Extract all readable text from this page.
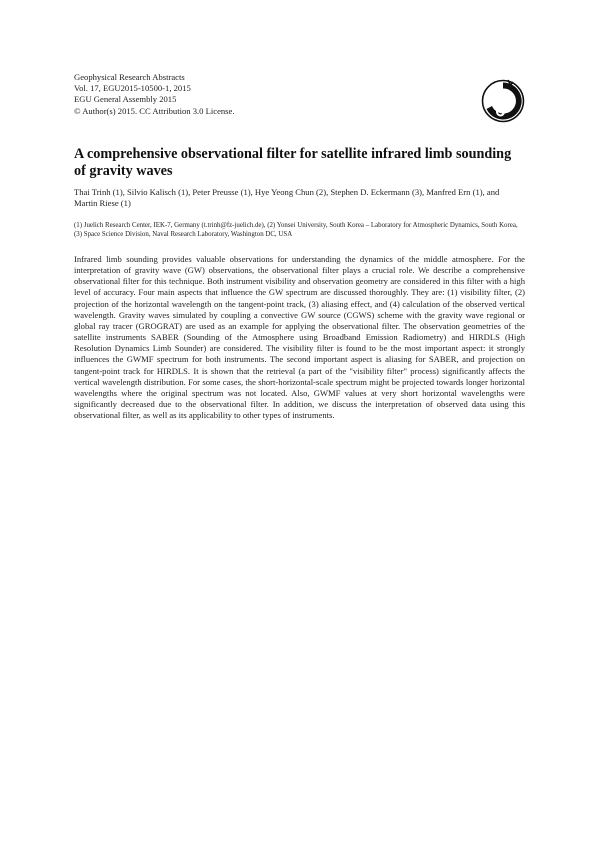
Geophysical Research Abstracts
Vol. 17, EGU2015-10500-1, 2015
EGU General Assembly 2015
© Author(s) 2015. CC Attribution 3.0 License.
A comprehensive observational filter for satellite infrared limb sounding of gravity waves
Thai Trinh (1), Silvio Kalisch (1), Peter Preusse (1), Hye Yeong Chun (2), Stephen D. Eckermann (3), Manfred Ern (1), and Martin Riese (1)
(1) Juelich Research Center, IEK-7, Germany (t.trinh@fz-juelich.de), (2) Yonsei University, South Korea – Laboratory for Atmospheric Dynamics, South Korea, (3) Space Science Division, Naval Research Laboratory, Washington DC, USA

Infrared limb sounding provides valuable observations for understanding the dynamics of the middle atmosphere. For the interpretation of gravity wave (GW) observations, the observational filter plays a crucial role. We describe a comprehensive observational filter for this technique. Both instrument visibility and observation geometry are considered in this filter with a high level of accuracy. Four main aspects that influence the GW spectrum are discussed thoroughly. They are: (1) visibility filter, (2) projection of the horizontal wavelength on the tangent-point track, (3) aliasing effect, and (4) calculation of the observed vertical wavelength. Gravity waves simulated by coupling a convective GW source (CGWS) scheme with the gravity wave regional or global ray tracer (GROGRAT) are used as an example for applying the observational filter. The observation geometries of the satellite instruments SABER (Sounding of the Atmosphere using Broadband Emission Radiometry) and HIRDLS (High Resolution Dynamics Limb Sounder) are considered. The visibility filter is found to be the most important aspect: it strongly influences the GWMF spectrum for both instruments. The second important aspect is aliasing for SABER, and projection on tangent-point track for HIRDLS. It is shown that the retrieval (a part of the "visibility filter" process) significantly affects the vertical wavelength distribution. For some cases, the short-horizontal-scale spectrum might be projected towards longer horizontal wavelengths where the original spectrum was not located. Also, GWMF values at very short horizontal wavelengths were significantly decreased due to the observational filter. In addition, we discuss the interpretation of observed data using this observational filter, as well as its applicability to other types of instruments.
